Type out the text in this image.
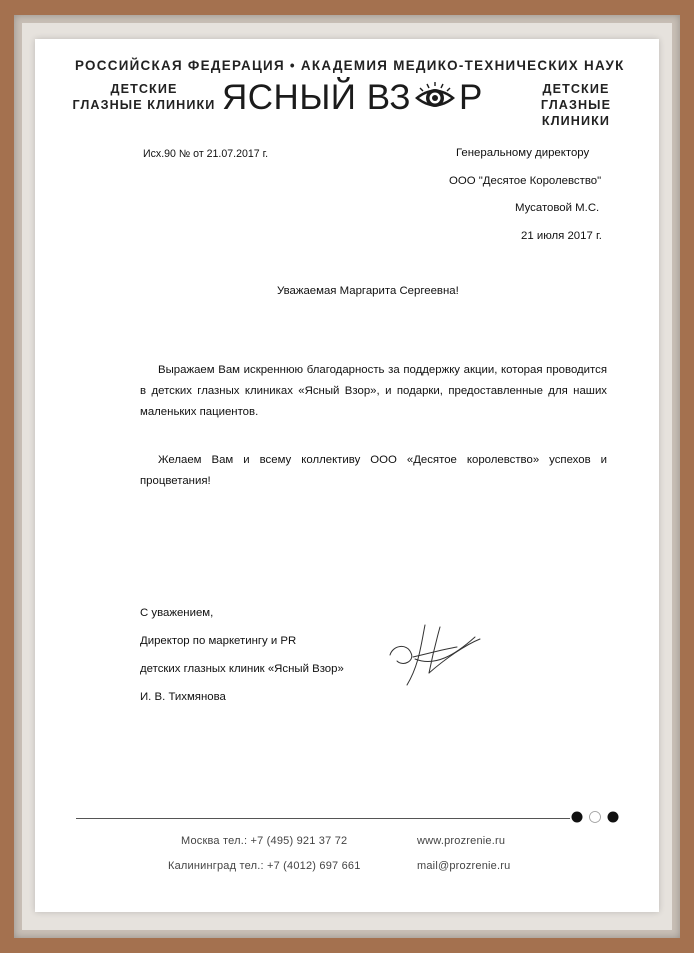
РОССИЙСКАЯ ФЕДЕРАЦИЯ • АКАДЕМИЯ МЕДИКО-ТЕХНИЧЕСКИХ НАУК
ДЕТСКИЕ
ГЛАЗНЫЕ КЛИНИКИ ЯСНЫЙ ВЗ Р	ДЕТСКИЕ
ГЛАЗНЫЕ КЛИНИКИ
Исх.90 № от 21.07.2017 г.	Генеральному директору
ООО "Десятое Королевство"
Мусатовой М.С.
21 июля 2017 г.
Уважаемая Маргарита Сергеевна!
Выражаем Вам искреннюю благодарность за поддержку акции, которая проводится в детских глазных клиниках «Ясный Взор», и подарки, предоставленные для наших маленьких пациентов.
Желаем Вам и всему коллективу ООО «Десятое королевство» успехов и процветания!
С уважением,
Директор по маркетингу и PR
детских глазных клиник «Ясный Взор»
И. В. Тихмянова
Москва тел.: +7 (495) 921 37 72
Калининград тел.: +7 (4012) 697 661
www.prozrenie.ru
mail@prozrenie.ru
